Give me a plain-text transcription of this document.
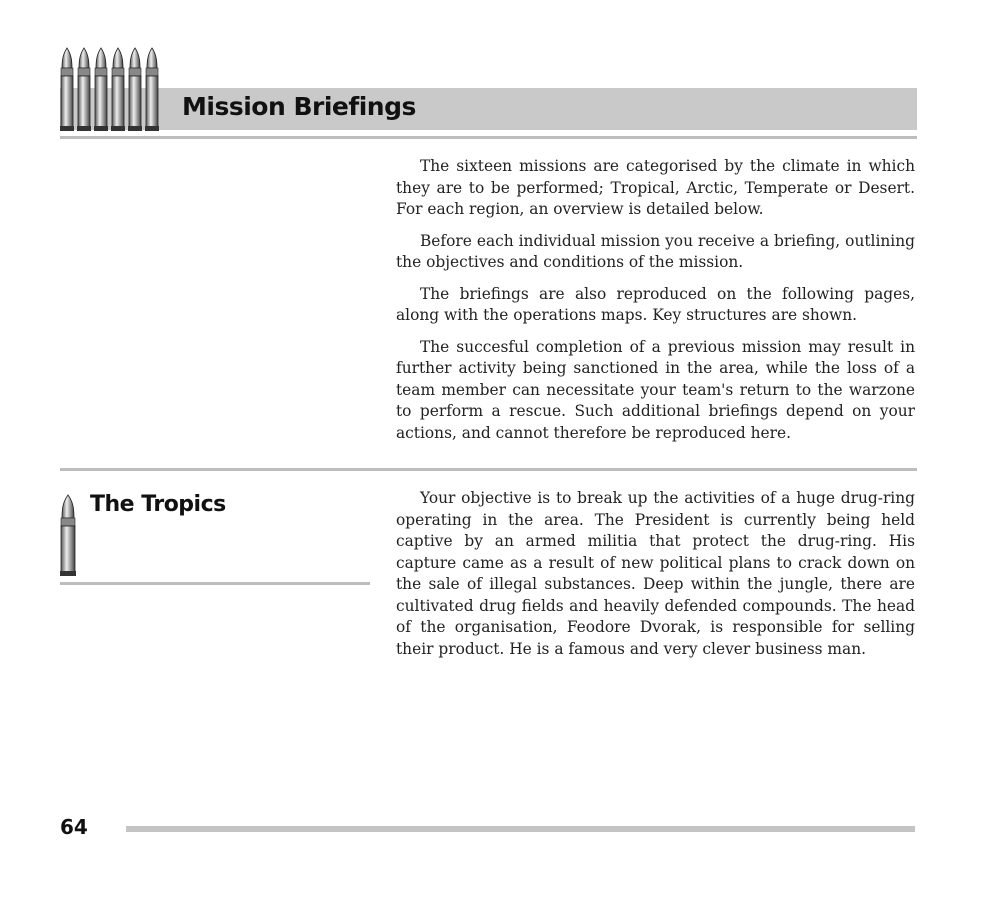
Mission Briefings

The sixteen missions are categorised by the climate in which they are to be performed; Tropical, Arctic, Temperate or Desert. For each region, an overview is detailed below.

Before each individual mission you receive a briefing, outlining the objectives and conditions of the mission.

The briefings are also reproduced on the following pages, along with the operations maps. Key structures are shown.

The succesful completion of a previous mission may result in further activity being sanctioned in the area, while the loss of a team member can necessitate your team's return to the warzone to perform a rescue. Such additional briefings depend on your actions, and cannot therefore be reproduced here.

The Tropics	Your objective is to break up the activities of a huge drug-ring operating in the area. The President is currently being held captive by an armed militia that protect the drug-ring. His capture came as a result of new political plans to crack down on the sale of illegal substances. Deep within the jungle, there are cultivated drug fields and heavily defended compounds. The head of the organisation, Feodore Dvorak, is responsible for selling their product. He is a famous and very clever business man.

64
